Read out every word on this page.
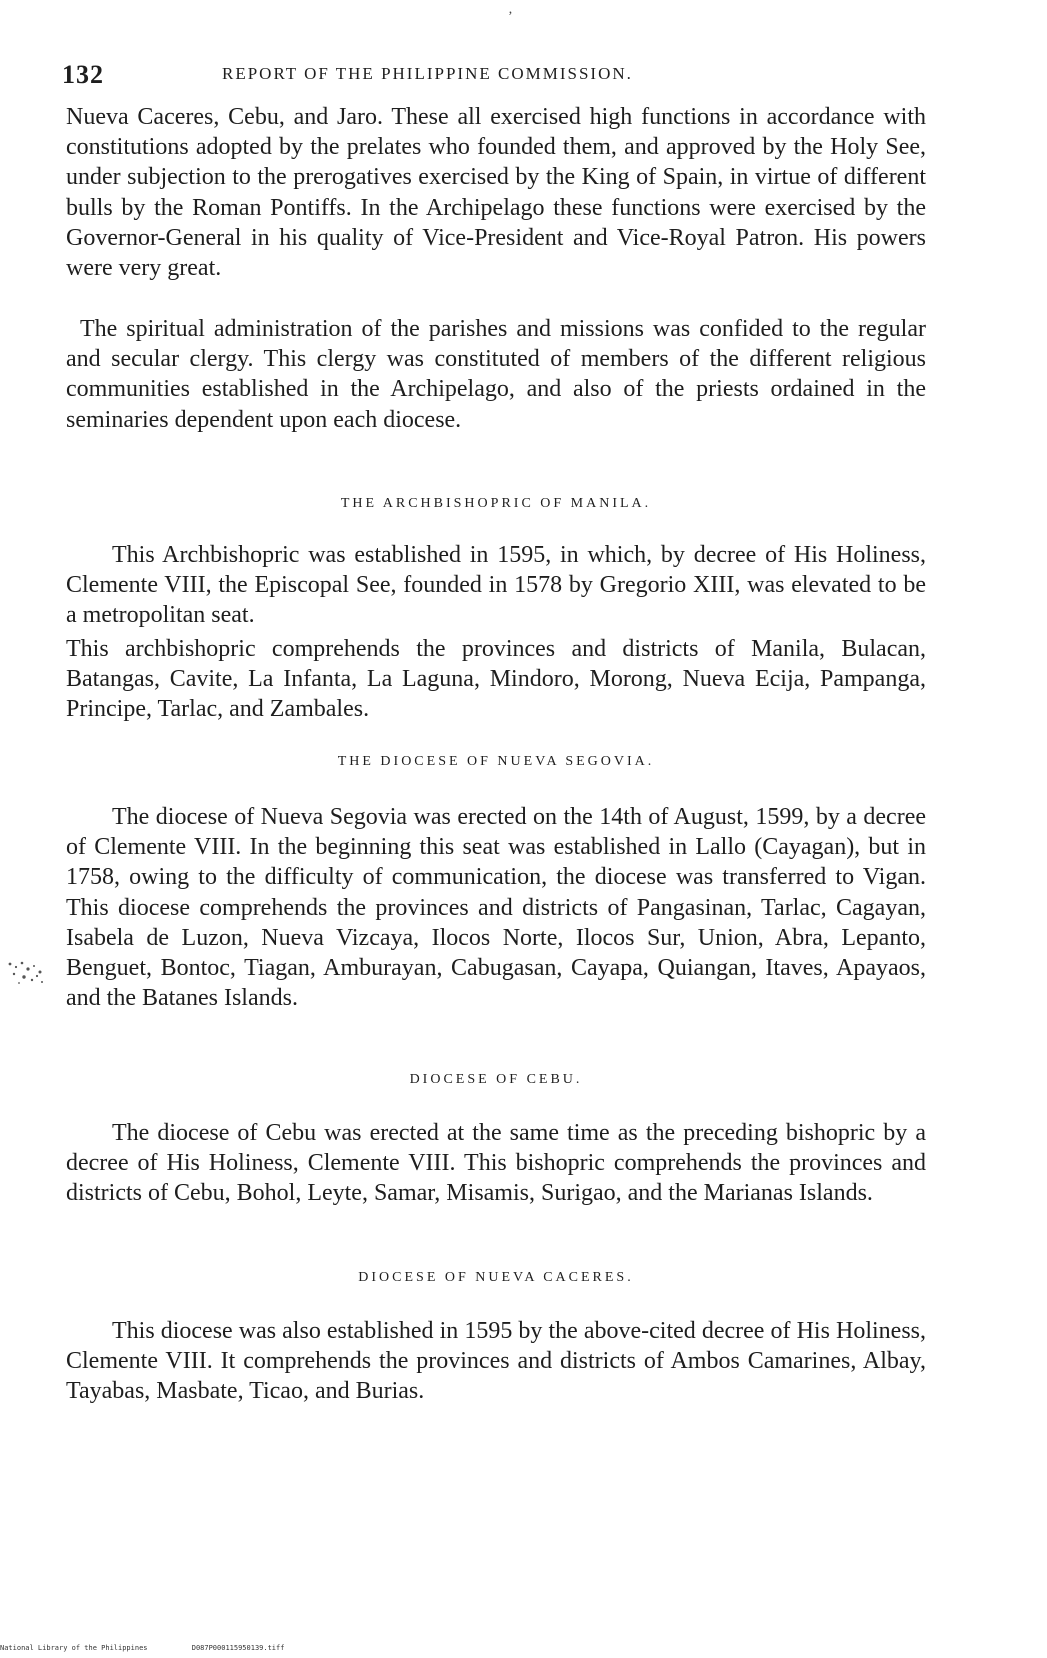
‚
132	REPORT OF THE PHILIPPINE COMMISSION.

Nueva Caceres, Cebu, and Jaro. These all exercised high functions in accordance with constitutions adopted by the prelates who founded them, and approved by the Holy See, under subjection to the prerogatives exercised by the King of Spain, in virtue of different bulls by the Roman Pontiffs. In the Archipelago these functions were exercised by the Governor-General in his quality of Vice-President and Vice-Royal Patron. His powers were very great.

The spiritual administration of the parishes and missions was confided to the regular and secular clergy. This clergy was constituted of members of the different religious communities established in the Archipelago, and also of the priests ordained in the seminaries dependent upon each diocese.

THE ARCHBISHOPRIC OF MANILA.

This Archbishopric was established in 1595, in which, by decree of His Holiness, Clemente VIII, the Episcopal See, founded in 1578 by Gregorio XIII, was elevated to be a metropolitan seat.

This archbishopric comprehends the provinces and districts of Manila, Bulacan, Batangas, Cavite, La Infanta, La Laguna, Mindoro, Morong, Nueva Ecija, Pampanga, Principe, Tarlac, and Zambales.

THE DIOCESE OF NUEVA SEGOVIA.

The diocese of Nueva Segovia was erected on the 14th of August, 1599, by a decree of Clemente VIII. In the beginning this seat was established in Lallo (Cayagan), but in 1758, owing to the difficulty of communication, the diocese was transferred to Vigan. This diocese comprehends the provinces and districts of Pangasinan, Tarlac, Cagayan, Isabela de Luzon, Nueva Vizcaya, Ilocos Norte, Ilocos Sur, Union, Abra, Lepanto, Benguet, Bontoc, Tiagan, Amburayan, Cabugasan, Cayapa, Quiangan, Itaves, Apayaos, and the Batanes Islands.

DIOCESE OF CEBU.

The diocese of Cebu was erected at the same time as the preceding bishopric by a decree of His Holiness, Clemente VIII. This bishopric comprehends the provinces and districts of Cebu, Bohol, Leyte, Samar, Misamis, Surigao, and the Marianas Islands.

DIOCESE OF NUEVA CACERES.

This diocese was also established in 1595 by the above-cited decree of His Holiness, Clemente VIII. It comprehends the provinces and districts of Ambos Camarines, Albay, Tayabas, Masbate, Ticao, and Burias.

National Library of the Philippines	D087P000115950139.tiff
